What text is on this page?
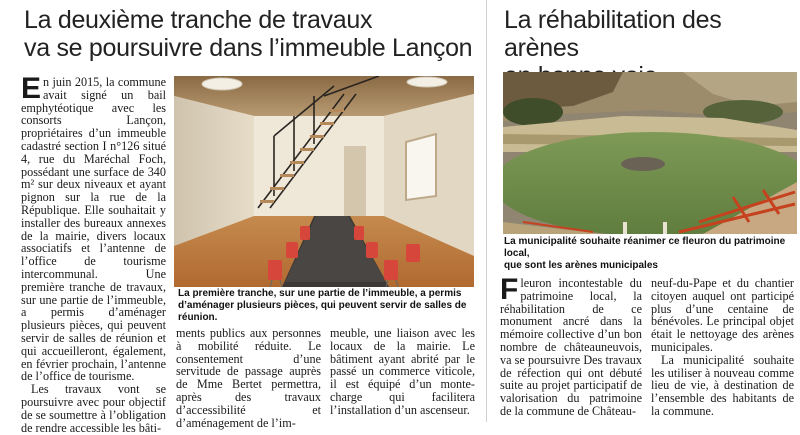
La deuxième tranche de travaux
va se poursuivre dans l’immeuble Lançon

En juin 2015, la commune avait signé un bail emphytéotique avec les consorts Lançon, propriétaires d’un immeuble cadastré section I n°126 situé 4, rue du Maréchal Foch, possédant une surface de 340 m² sur deux niveaux et ayant pignon sur la rue de la République. Elle souhaitait y installer des bureaux annexes de la mairie, divers locaux associatifs et l’antenne de l’office de tourisme intercommunal. Une première tranche de travaux, sur une partie de l’immeuble, a permis d’aménager plusieurs pièces, qui peuvent servir de salles de réunion et qui accueilleront, également, en février prochain, l’antenne de l’office de tourisme.

Les travaux vont se poursuivre avec pour objectif de se soumettre à l’obligation de rendre accessible les bâti-

La première tranche, sur une partie de l’immeuble, a permis d’aménager plusieurs pièces, qui peuvent servir de salles de réunion.

ments publics aux personnes à mobilité réduite. Le consentement d’une servitude de passage auprès de Mme Bertet permettra, après des travaux d’accessibilité et d’aménagement de l’im-

meuble, une liaison avec les locaux de la mairie. Le bâtiment ayant abrité par le passé un commerce viticole, il est équipé d’un monte-charge qui facilitera l’installation d’un ascenseur.

La réhabilitation des arènes

La municipalité souhaite réanimer ce fleuron du patrimoine local,
que sont les arènes municipales

Fleuron incontestable du patrimoine local, la réhabilitation de ce monument ancré dans la mémoire collective d’un bon nombre de châteauneuvois, va se poursuivre Des travaux de réfection qui ont débuté suite au projet participatif de valorisation du patrimoine de la commune de Château-

neuf-du-Pape et du chantier citoyen auquel ont participé plus d’une centaine de bénévoles. Le principal objet était le nettoyage des arènes municipales.

La municipalité souhaite les utiliser à nouveau comme lieu de vie, à destination de l’ensemble des habitants de la commune.
